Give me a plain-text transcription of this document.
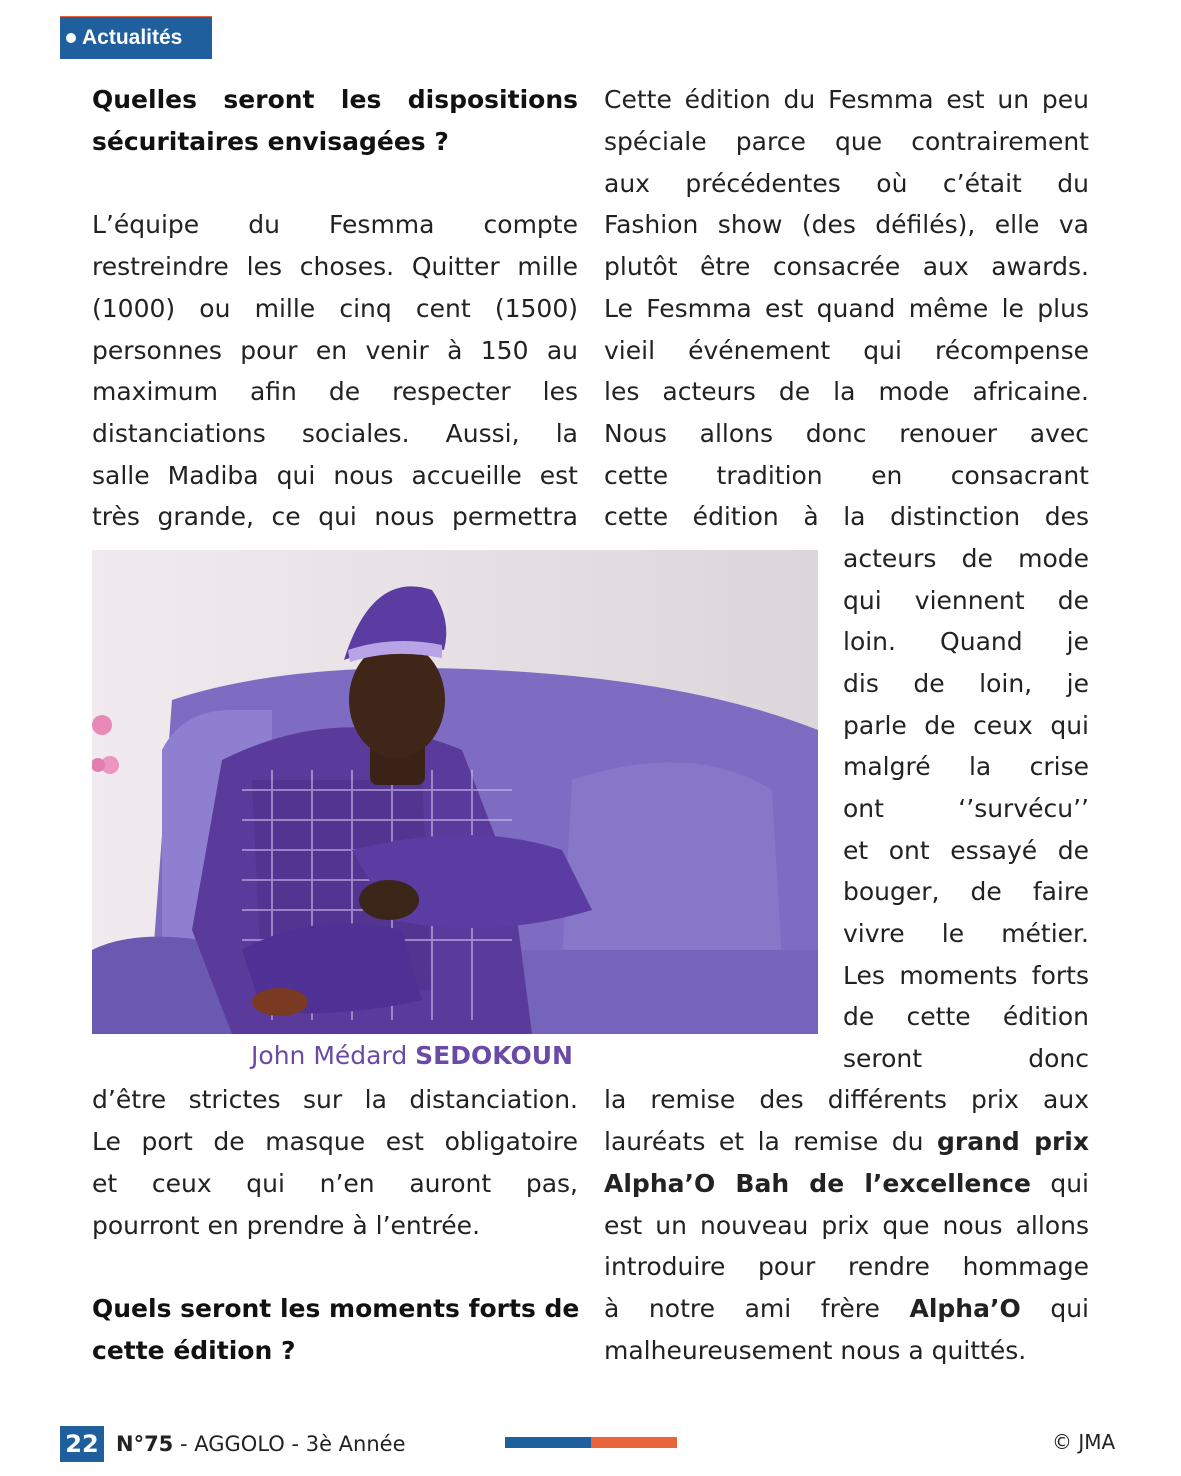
Actualités

Quelles seront les dispositions

sécuritaires envisagées ?

L’équipe du Fesmma compte

restreindre les choses. Quitter mille

(1000) ou mille cinq cent (1500)

personnes pour en venir à 150 au

maximum afin de respecter les

distanciations sociales. Aussi, la

salle Madiba qui nous accueille est

très grande, ce qui nous permettra

d’être strictes sur la distanciation.

Le port de masque est obligatoire

et ceux qui n’en auront pas,

pourront en prendre à l’entrée.

Quels seront les moments forts de

cette édition ?

Cette édition du Fesmma est un peu

spéciale parce que contrairement

aux précédentes où c’était du

Fashion show (des défilés), elle va

plutôt être consacrée aux awards.

Le Fesmma est quand même le plus

vieil événement qui récompense

les acteurs de la mode africaine.

Nous allons donc renouer avec

cette tradition en consacrant

cette édition à la distinction des

acteurs de mode

qui viennent de

loin. Quand je

dis de loin, je

parle de ceux qui

malgré la crise

ont ‘’survécu’’

et ont essayé de

bouger, de faire

vivre le métier.

Les moments forts

de cette édition

seront donc

la remise des différents prix aux

lauréats et la remise du grand prix

Alpha’O Bah de l’excellence qui

est un nouveau prix que nous allons

introduire pour rendre hommage

à notre ami frère Alpha’O qui

malheureusement nous a quittés.

John Médard SEDOKOUN
22 N°75 - AGGOLO - 3è Année	© JMA
